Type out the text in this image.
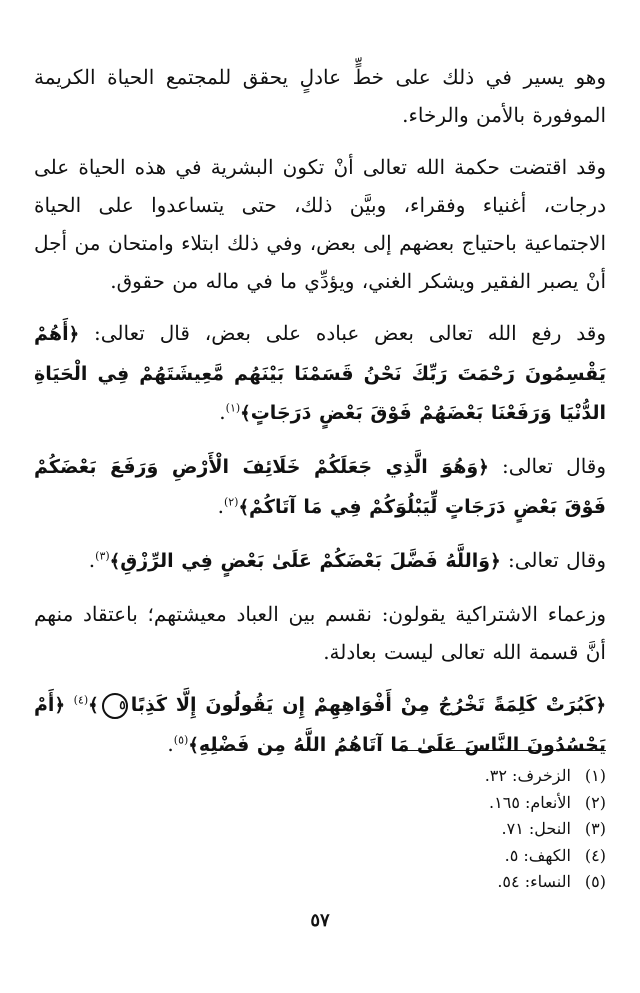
وهو يسير في ذلك على خطٍّ عادلٍ يحقق للمجتمع الحياة الكريمة الموفورة بالأمن والرخاء.

وقد اقتضت حكمة الله تعالى أنْ تكون البشرية في هذه الحياة على درجات، أغنياء وفقراء، وبيَّن ذلك، حتى يتساعدوا على الحياة الاجتماعية باحتياج بعضهم إلى بعض، وفي ذلك ابتلاء وامتحان من أجل أنْ يصبر الفقير ويشكر الغني، ويؤدِّي ما في ماله من حقوق.

وقد رفع الله تعالى بعض عباده على بعض، قال تعالى: ﴿أَهُمْ يَقْسِمُونَ رَحْمَتَ رَبِّكَ نَحْنُ قَسَمْنَا بَيْنَهُم مَّعِيشَتَهُمْ فِي الْحَيَاةِ الدُّنْيَا وَرَفَعْنَا بَعْضَهُمْ فَوْقَ بَعْضٍ دَرَجَاتٍ﴾$^{(١)}$.

وقال تعالى: ﴿وَهُوَ الَّذِي جَعَلَكُمْ خَلَائِفَ الْأَرْضِ وَرَفَعَ بَعْضَكُمْ فَوْقَ بَعْضٍ دَرَجَاتٍ لِّيَبْلُوَكُمْ فِي مَا آتَاكُمْ﴾$^{(٢)}$.

وقال تعالى: ﴿وَاللَّهُ فَضَّلَ بَعْضَكُمْ عَلَىٰ بَعْضٍ فِي الرِّزْقِ﴾$^{(٣)}$.

وزعماء الاشتراكية يقولون: نقسم بين العباد معيشتهم؛ باعتقاد منهم أنَّ قسمة الله تعالى ليست بعادلة.

﴿كَبُرَتْ كَلِمَةً تَخْرُجُ مِنْ أَفْوَاهِهِمْ إِن يَقُولُونَ إِلَّا كَذِبًا٥﴾$^{(٤)}$ ﴿أَمْ يَحْسُدُونَ النَّاسَ عَلَىٰ مَا آتَاهُمُ اللَّهُ مِن فَضْلِهِ﴾$^{(٥)}$.

(١)الزخرف: ٣٢.
(٢)الأنعام: ١٦٥.
(٣)النحل: ٧١.
(٤)الكهف: ٥.
(٥)النساء: ٥٤.
٥٧
